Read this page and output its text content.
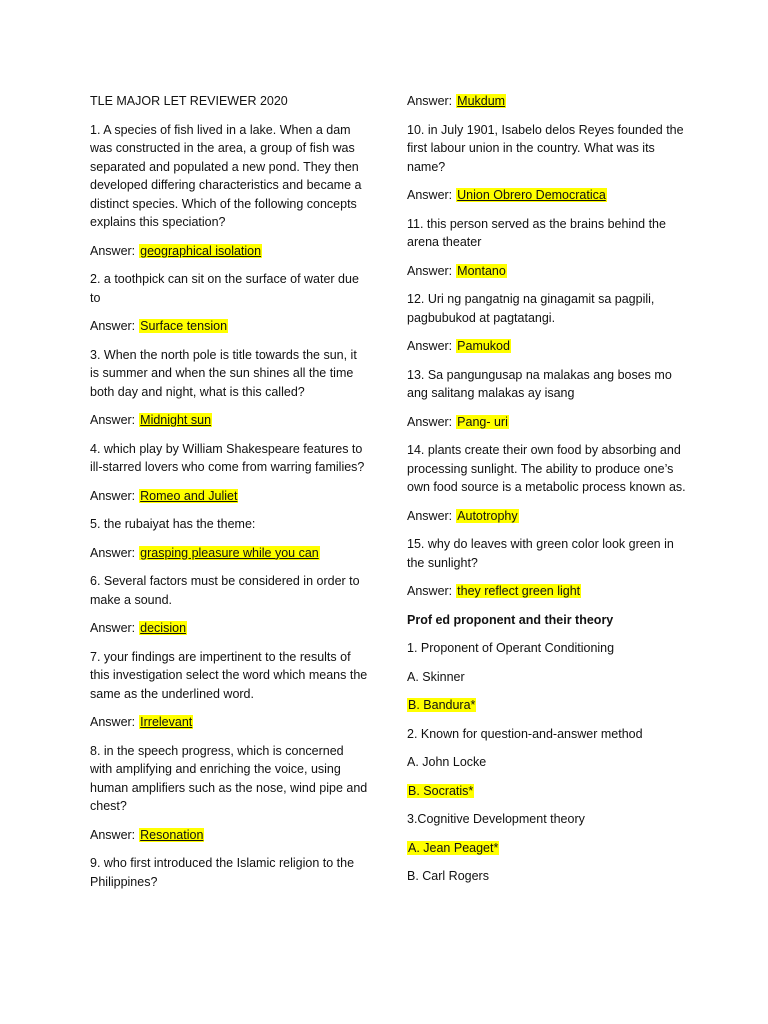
TLE MAJOR LET REVIEWER 2020
1. A species of fish lived in a lake. When a dam was constructed in the area, a group of fish was separated and populated a new pond. They then developed differing characteristics and became a distinct species. Which of the following concepts explains this speciation?
Answer: geographical isolation
2. a toothpick can sit on the surface of water due to
Answer: Surface tension
3. When the north pole is title towards the sun, it is summer and when the sun shines all the time both day and night, what is this called?
Answer: Midnight sun
4. which play by William Shakespeare features to ill-starred lovers who come from warring families?
Answer: Romeo and Juliet
5. the rubaiyat has the theme:
Answer: grasping pleasure while you can
6. Several factors must be considered in order to make a sound.
Answer: decision
7. your findings are impertinent to the results of this investigation select the word which means the same as the underlined word.
Answer: Irrelevant
8. in the speech progress, which is concerned with amplifying and enriching the voice, using human amplifiers such as the nose, wind pipe and chest?
Answer: Resonation
9. who first introduced the Islamic religion to the Philippines?
Answer: Mukdum
10. in July 1901, Isabelo delos Reyes founded the first labour union in the country. What was its name?
Answer: Union Obrero Democratica
11. this person served as the brains behind the arena theater
Answer: Montano
12. Uri ng pangatnig na ginagamit sa pagpili, pagbubukod at pagtatangi.
Answer: Pamukod
13. Sa pangungusap na malakas ang boses mo ang salitang malakas ay isang
Answer: Pang- uri
14. plants create their own food by absorbing and processing sunlight. The ability to produce one’s own food source is a metabolic process known as.
Answer: Autotrophy
15. why do leaves with green color look green in the sunlight?
Answer: they reflect green light
Prof ed proponent and their theory
1. Proponent of Operant Conditioning
A. Skinner
B. Bandura*
2. Known for question-and-answer method
A. John Locke
B. Socratis*
3.Cognitive Development theory
A. Jean Peaget*
B. Carl Rogers
